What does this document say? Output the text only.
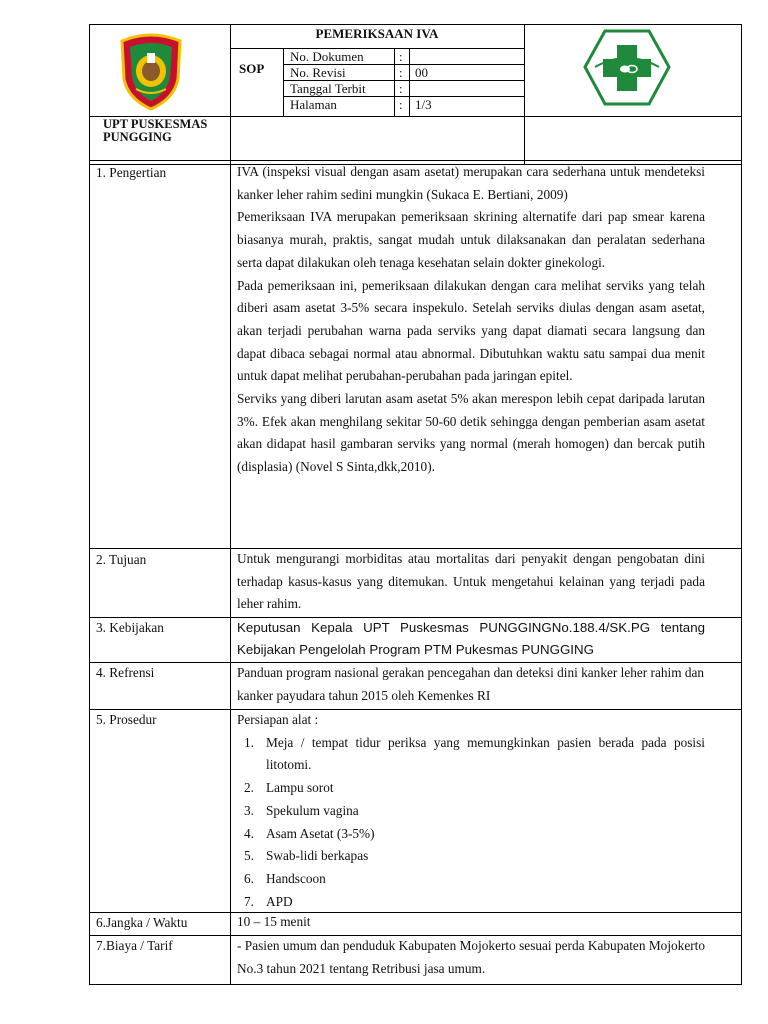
PEMERIKSAAN IVA
SOP
No. Dokumen	:
No. Revisi	: 00
Tanggal Terbit	:
Halaman	: 1/3
UPT PUSKESMAS PUNGGING
1. Pengertian	IVA (inspeksi visual dengan asam asetat) merupakan cara sederhana untuk mendeteksi kanker leher rahim sedini mungkin (Sukaca E. Bertiani, 2009)

Pemeriksaan IVA merupakan pemeriksaan skrining alternatife dari pap smear karena biasanya murah, praktis, sangat mudah untuk dilaksanakan dan peralatan sederhana serta dapat dilakukan oleh tenaga kesehatan selain dokter ginekologi.

Pada pemeriksaan ini, pemeriksaan dilakukan dengan cara melihat serviks yang telah diberi asam asetat 3-5% secara inspekulo. Setelah serviks diulas dengan asam asetat, akan terjadi perubahan warna pada serviks yang dapat diamati secara langsung dan dapat dibaca sebagai normal atau abnormal. Dibutuhkan waktu satu sampai dua menit untuk dapat melihat perubahan-perubahan pada jaringan epitel.

Serviks yang diberi larutan asam asetat 5% akan merespon lebih cepat daripada larutan 3%. Efek akan menghilang sekitar 50-60 detik sehingga dengan pemberian asam asetat akan didapat hasil gambaran serviks yang normal (merah homogen) dan bercak putih (displasia) (Novel S Sinta,dkk,2010).

2. Tujuan	Untuk mengurangi morbiditas atau mortalitas dari penyakit dengan pengobatan dini terhadap kasus-kasus yang ditemukan. Untuk mengetahui kelainan yang terjadi pada leher rahim.
3. Kebijakan	Keputusan Kepala UPT Puskesmas PUNGGINGNo.188.4/SK.PG tentang Kebijakan Pengelolah Program PTM Pukesmas PUNGGING
4. Refrensi	Panduan program nasional gerakan pencegahan dan deteksi dini kanker leher rahim dan kanker payudara tahun 2015 oleh Kemenkes RI
5. Prosedur	Persiapan alat :

1. Meja / tempat tidur periksa yang memungkinkan pasien berada pada posisi litotomi.
2. Lampu sorot
3. Spekulum vagina
4. Asam Asetat (3-5%)
5. Swab-lidi berkapas
6. Handscoon
7. APD
6.Jangka / Waktu	10 – 15 menit
7.Biaya / Tarif	- Pasien umum dan penduduk Kabupaten Mojokerto sesuai perda Kabupaten Mojokerto No.3 tahun 2021 tentang Retribusi jasa umum.
